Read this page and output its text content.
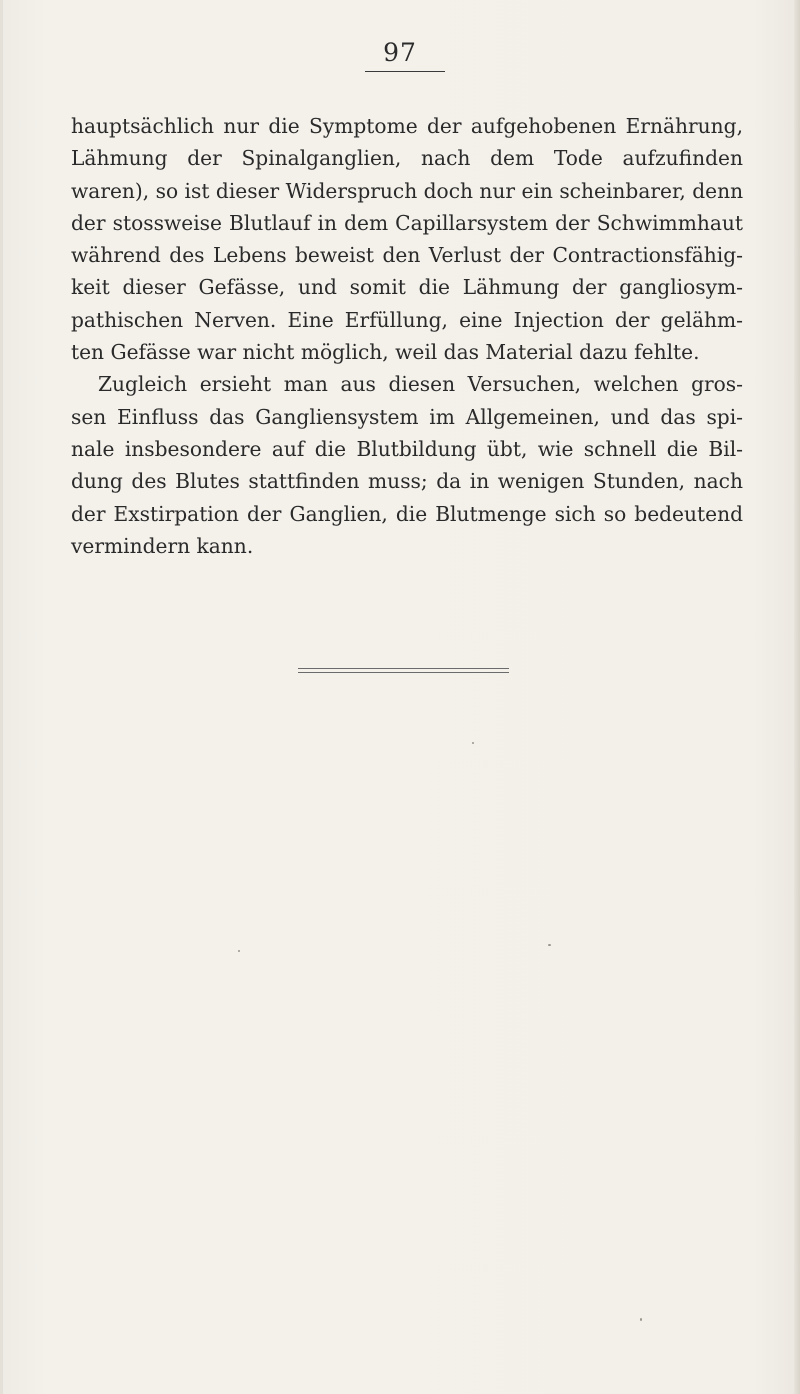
97
hauptsächlich nur die Symptome der aufgehobenen Ernährung,
Lähmung der Spinalganglien, nach dem Tode aufzufinden
waren), so ist dieser Widerspruch doch nur ein scheinbarer, denn
der stossweise Blutlauf in dem Capillarsystem der Schwimmhaut
während des Lebens beweist den Verlust der Contractionsfähig-
keit dieser Gefässe, und somit die Lähmung der gangliosym-
pathischen Nerven. Eine Erfüllung, eine Injection der gelähm-
ten Gefässe war nicht möglich, weil das Material dazu fehlte.
Zugleich ersieht man aus diesen Versuchen, welchen gros-
sen Einfluss das Gangliensystem im Allgemeinen, und das spi-
nale insbesondere auf die Blutbildung übt, wie schnell die Bil-
dung des Blutes stattfinden muss; da in wenigen Stunden, nach
der Exstirpation der Ganglien, die Blutmenge sich so bedeutend
vermindern kann.
